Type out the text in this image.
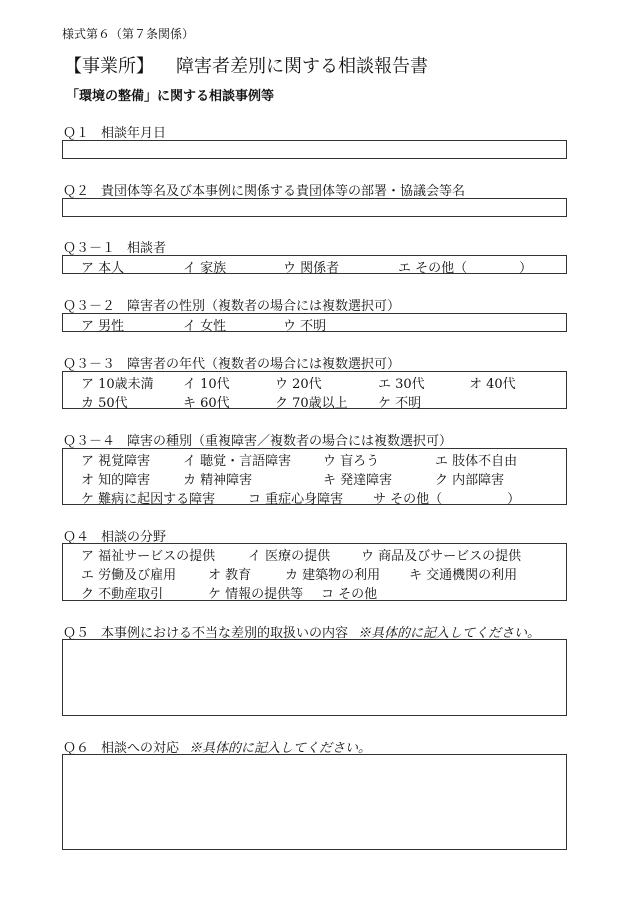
様式第６（第７条関係）
【事業所】 障害者差別に関する相談報告書
「環境の整備」に関する相談事例等
Ｑ１ 相談年月日
Ｑ２ 貴団体等名及び本事例に関係する貴団体等の部署・協議会等名
Ｑ３－１ 相談者
ア 本人	イ 家族	ウ 関係者	エ その他（　　　　）
Ｑ３－２ 障害者の性別（複数者の場合には複数選択可）
ア 男性	イ 女性	ウ 不明
Ｑ３－３ 障害者の年代（複数者の場合には複数選択可）
ア 10歳未満 イ 10代	ウ 20代	エ 30代	オ 40代
カ 50代	キ 60代	ク 70歳以上 ケ 不明
Ｑ３－４ 障害の種別（重複障害／複数者の場合には複数選択可）
ア 視覚障害	イ 聴覚・言語障害 ウ 盲ろう	エ 肢体不自由
オ 知的障害	カ 精神障害	キ 発達障害	ク 内部障害
ケ 難病に起因する障害	コ 重症心身障害 サ その他（　　　　　）
Ｑ４ 相談の分野
ア 福祉サービスの提供	イ 医療の提供 ウ 商品及びサービスの提供
エ 労働及び雇用 オ 教育	カ 建築物の利用 キ 交通機関の利用
ク 不動産取引	ケ 情報の提供等 コ その他
Ｑ５ 本事例における不当な差別的取扱いの内容 ※具体的に記入してください。
Ｑ６ 相談への対応 ※具体的に記入してください。
